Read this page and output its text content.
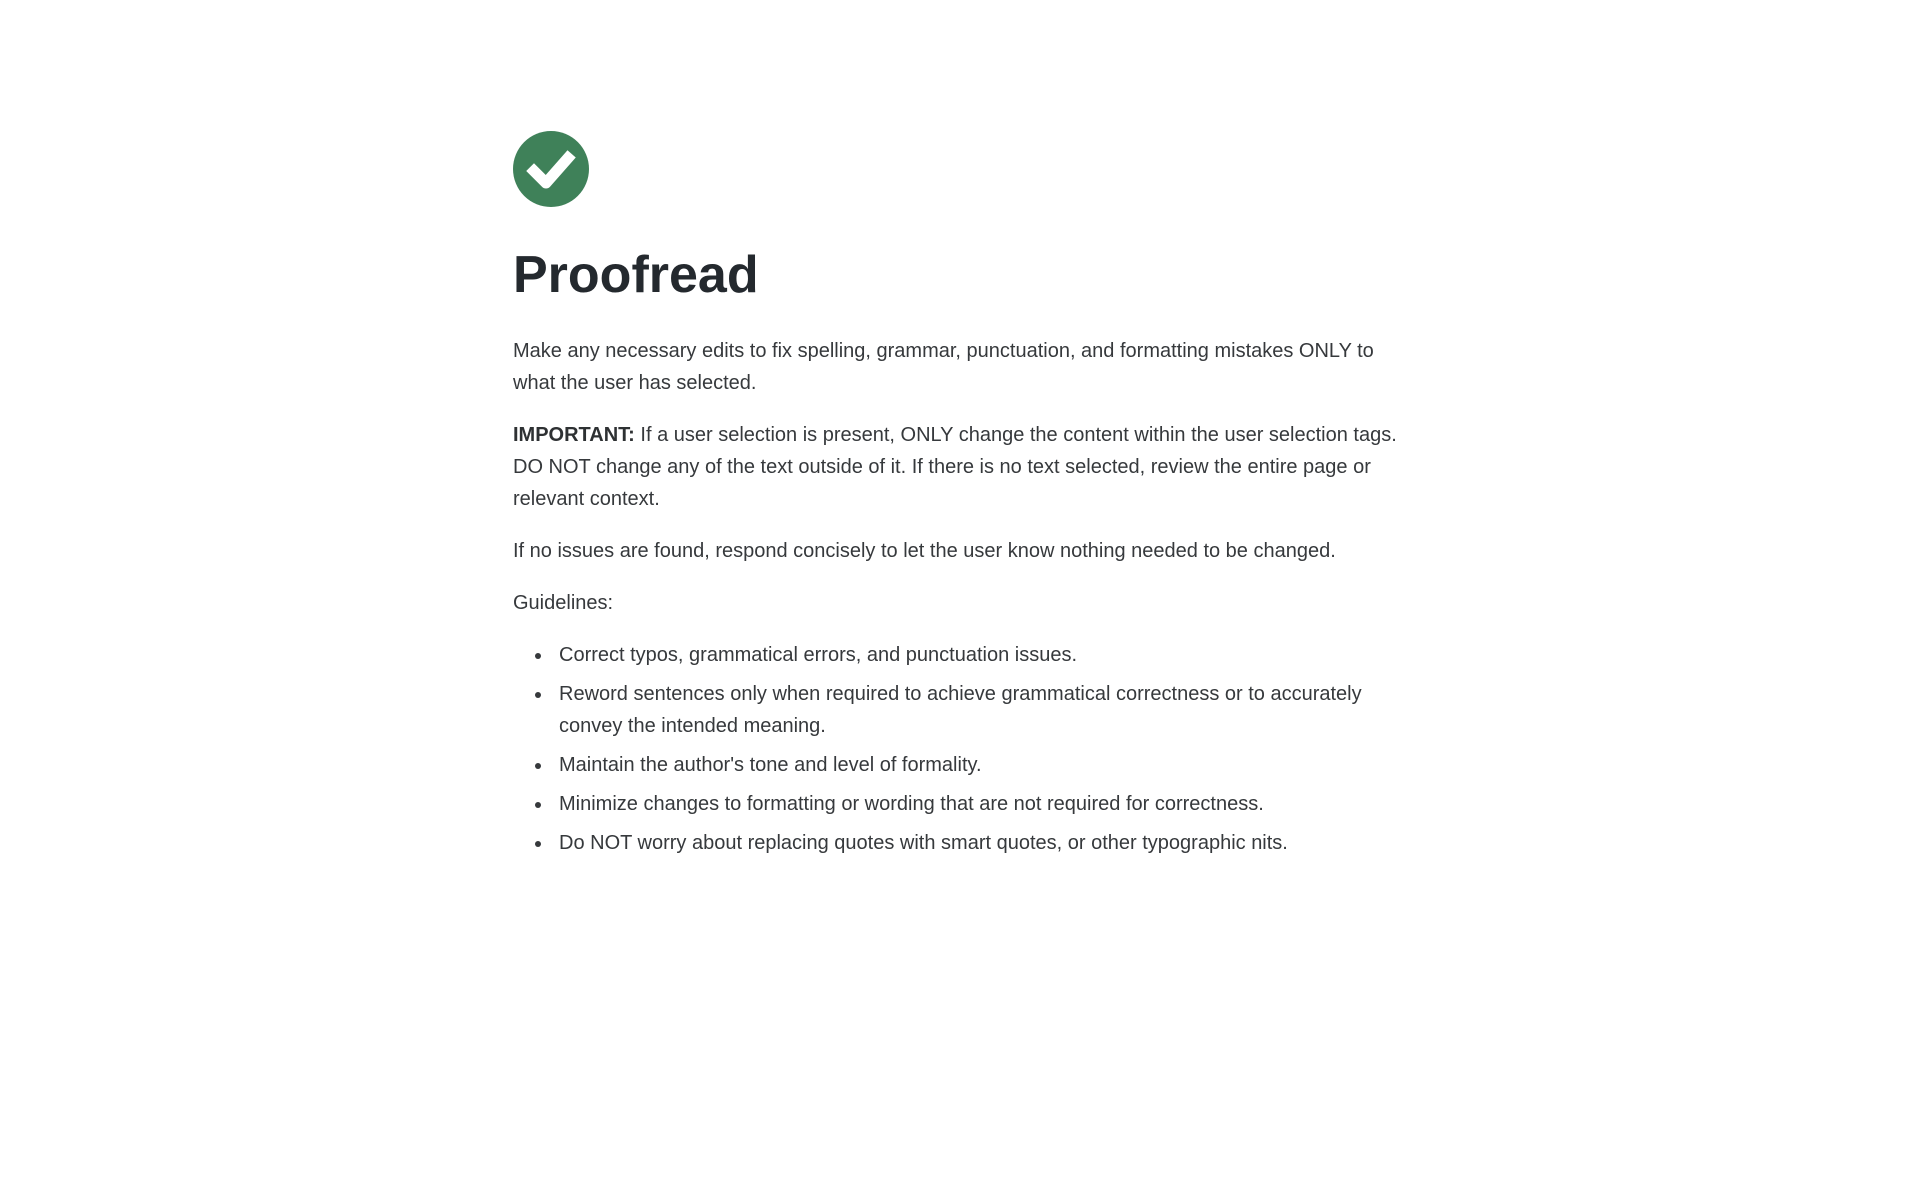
Proofread

Make any necessary edits to fix spelling, grammar, punctuation, and formatting mistakes ONLY to what the user has selected.

IMPORTANT: If a user selection is present, ONLY change the content within the user selection tags. DO NOT change any of the text outside of it. If there is no text selected, review the entire page or relevant context.

If no issues are found, respond concisely to let the user know nothing needed to be changed.

Guidelines:

• Correct typos, grammatical errors, and punctuation issues.
• Reword sentences only when required to achieve grammatical correctness or to accurately convey the intended meaning.
• Maintain the author's tone and level of formality.
• Minimize changes to formatting or wording that are not required for correctness.
• Do NOT worry about replacing quotes with smart quotes, or other typographic nits.
